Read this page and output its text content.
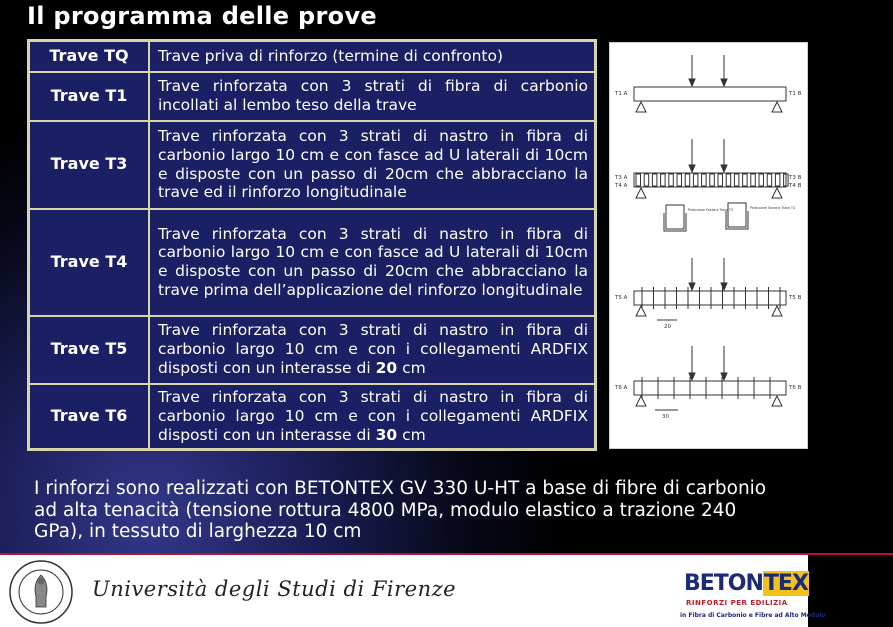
Il programma delle prove
Trave TQ	Trave priva di rinforzo (termine di confronto)
Trave T1	Trave rinforzata con 3 strati di fibra di carbonio incollati al lembo teso della trave
Trave T3	Trave rinforzata con 3 strati di nastro in fibra di carbonio largo 10 cm e con fasce ad U laterali di 10cm e disposte con un passo di 20cm che abbracciano la trave ed il rinforzo longitudinale
Trave T4	Trave rinforzata con 3 strati di nastro in fibra di carbonio largo 10 cm e con fasce ad U laterali di 10cm e disposte con un passo di 20cm che abbracciano la trave prima dell’applicazione del rinforzo longitudinale
Trave T5	Trave rinforzata con 3 strati di nastro in fibra di carbonio largo 10 cm e con i collegamenti ARDFIX disposti con un interasse di 20 cm
Trave T6	Trave rinforzata con 3 strati di nastro in fibra di carbonio largo 10 cm e con i collegamenti ARDFIX disposti con un interasse di 30 cm
T1 A	T1 B
T3 A	T3 B
T4 A	T4 B
T5 A	T5 B
20
T6 A	T6 B
30
Particolare Sezione Trave T3	Particolare Sezione Trave T4
I rinforzi sono realizzati con BETONTEX GV 330 U-HT a base di fibre di carbonio ad alta tenacità (tensione rottura 4800 MPa, modulo elastico a trazione 240 GPa), in tessuto di larghezza 10 cm
Università degli Studi di Firenze	BETONTEX
RINFORZI PER EDILIZIA
in Fibra di Carbonio e Fibre ad Alto Modulo
